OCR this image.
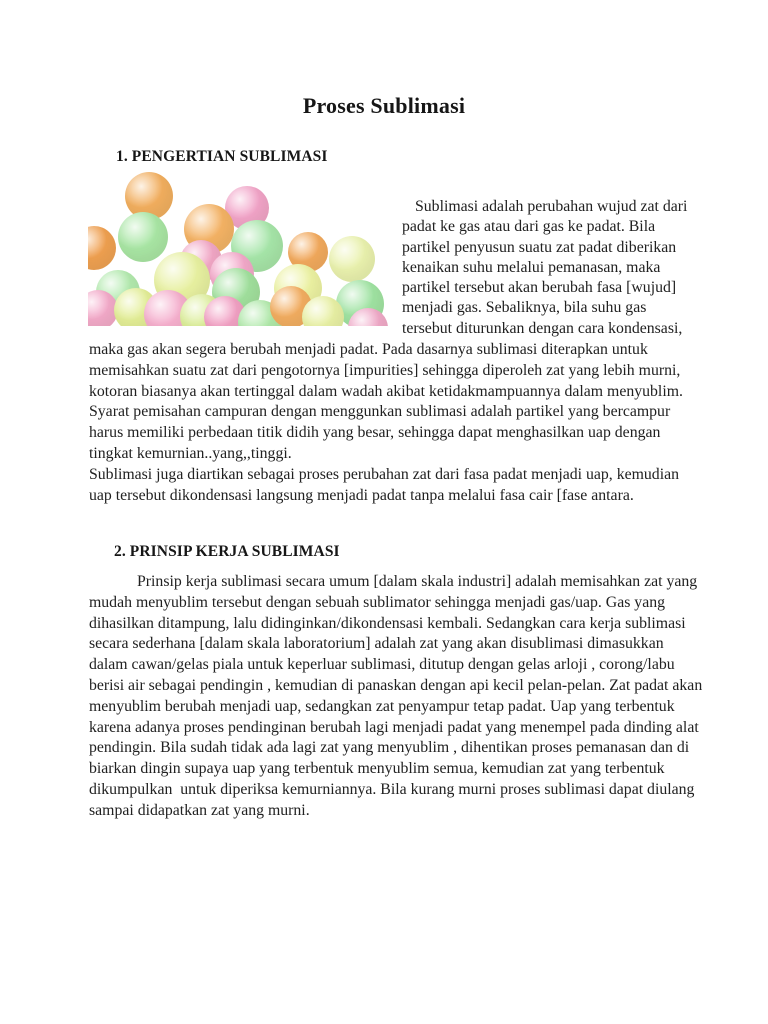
Proses Sublimasi
1. PENGERTIAN SUBLIMASI
Sublimasi adalah perubahan wujud zat dari
padat ke gas atau dari gas ke padat. Bila
partikel penyusun suatu zat padat diberikan
kenaikan suhu melalui pemanasan, maka
partikel tersebut akan berubah fasa [wujud]
menjadi gas. Sebaliknya, bila suhu gas
tersebut diturunkan dengan cara kondensasi,
maka gas akan segera berubah menjadi padat. Pada dasarnya sublimasi diterapkan untuk
memisahkan suatu zat dari pengotornya [impurities] sehingga diperoleh zat yang lebih murni,
kotoran biasanya akan tertinggal dalam wadah akibat ketidakmampuannya dalam menyublim.
Syarat pemisahan campuran dengan menggunkan sublimasi adalah partikel yang bercampur
harus memiliki perbedaan titik didih yang besar, sehingga dapat menghasilkan uap dengan
tingkat kemurnian..yang,,tinggi.
Sublimasi juga diartikan sebagai proses perubahan zat dari fasa padat menjadi uap, kemudian
uap tersebut dikondensasi langsung menjadi padat tanpa melalui fasa cair [fase antara.
2. PRINSIP KERJA SUBLIMASI
Prinsip kerja sublimasi secara umum [dalam skala industri] adalah memisahkan zat yang
mudah menyublim tersebut dengan sebuah sublimator sehingga menjadi gas/uap. Gas yang
dihasilkan ditampung, lalu didinginkan/dikondensasi kembali. Sedangkan cara kerja sublimasi
secara sederhana [dalam skala laboratorium] adalah zat yang akan disublimasi dimasukkan
dalam cawan/gelas piala untuk keperluar sublimasi, ditutup dengan gelas arloji , corong/labu
berisi air sebagai pendingin , kemudian di panaskan dengan api kecil pelan-pelan. Zat padat akan
menyublim berubah menjadi uap, sedangkan zat penyampur tetap padat. Uap yang terbentuk
karena adanya proses pendinginan berubah lagi menjadi padat yang menempel pada dinding alat
pendingin. Bila sudah tidak ada lagi zat yang menyublim , dihentikan proses pemanasan dan di
biarkan dingin supaya uap yang terbentuk menyublim semua, kemudian zat yang terbentuk
dikumpulkan  untuk diperiksa kemurniannya. Bila kurang murni proses sublimasi dapat diulang
sampai didapatkan zat yang murni.
